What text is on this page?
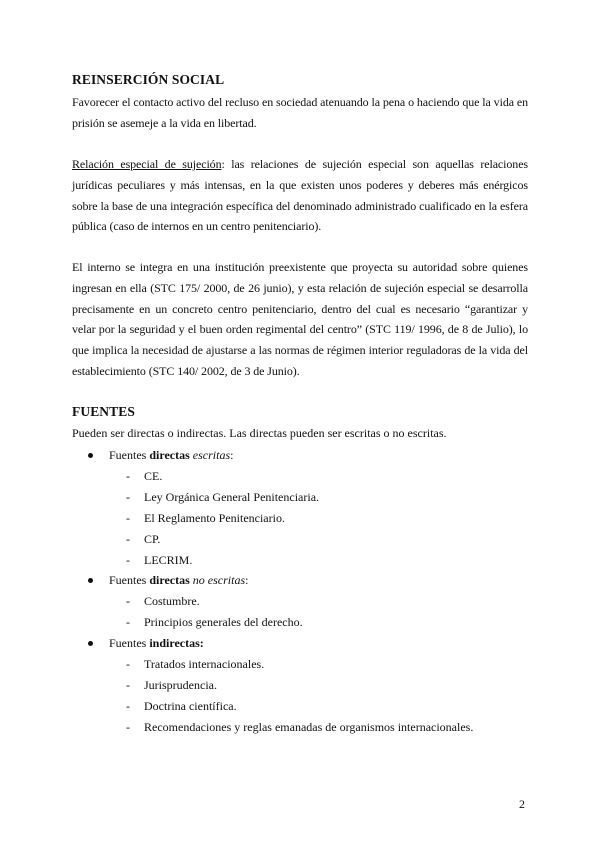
REINSERCIÓN SOCIAL
Favorecer el contacto activo del recluso en sociedad atenuando la pena o haciendo que la vida en prisión se asemeje a la vida en libertad.
Relación especial de sujeción: las relaciones de sujeción especial son aquellas relaciones jurídicas peculiares y más intensas, en la que existen unos poderes y deberes más enérgicos sobre la base de una integración específica del denominado administrado cualificado en la esfera pública (caso de internos en un centro penitenciario).
El interno se integra en una institución preexistente que proyecta su autoridad sobre quienes ingresan en ella (STC 175/ 2000, de 26 junio), y esta relación de sujeción especial se desarrolla precisamente en un concreto centro penitenciario, dentro del cual es necesario “garantizar y velar por la seguridad y el buen orden regimental del centro” (STC 119/ 1996, de 8 de Julio), lo que implica la necesidad de ajustarse a las normas de régimen interior reguladoras de la vida del establecimiento (STC 140/ 2002, de 3 de Junio).
FUENTES
Pueden ser directas o indirectas. Las directas pueden ser escritas o no escritas.
Fuentes directas escritas:
- CE.
- Ley Orgánica General Penitenciaria.
- El Reglamento Penitenciario.
- CP.
- LECRIM.
Fuentes directas no escritas:
- Costumbre.
- Principios generales del derecho.
Fuentes indirectas:
- Tratados internacionales.
- Jurisprudencia.
- Doctrina científica.
- Recomendaciones y reglas emanadas de organismos internacionales.
2
